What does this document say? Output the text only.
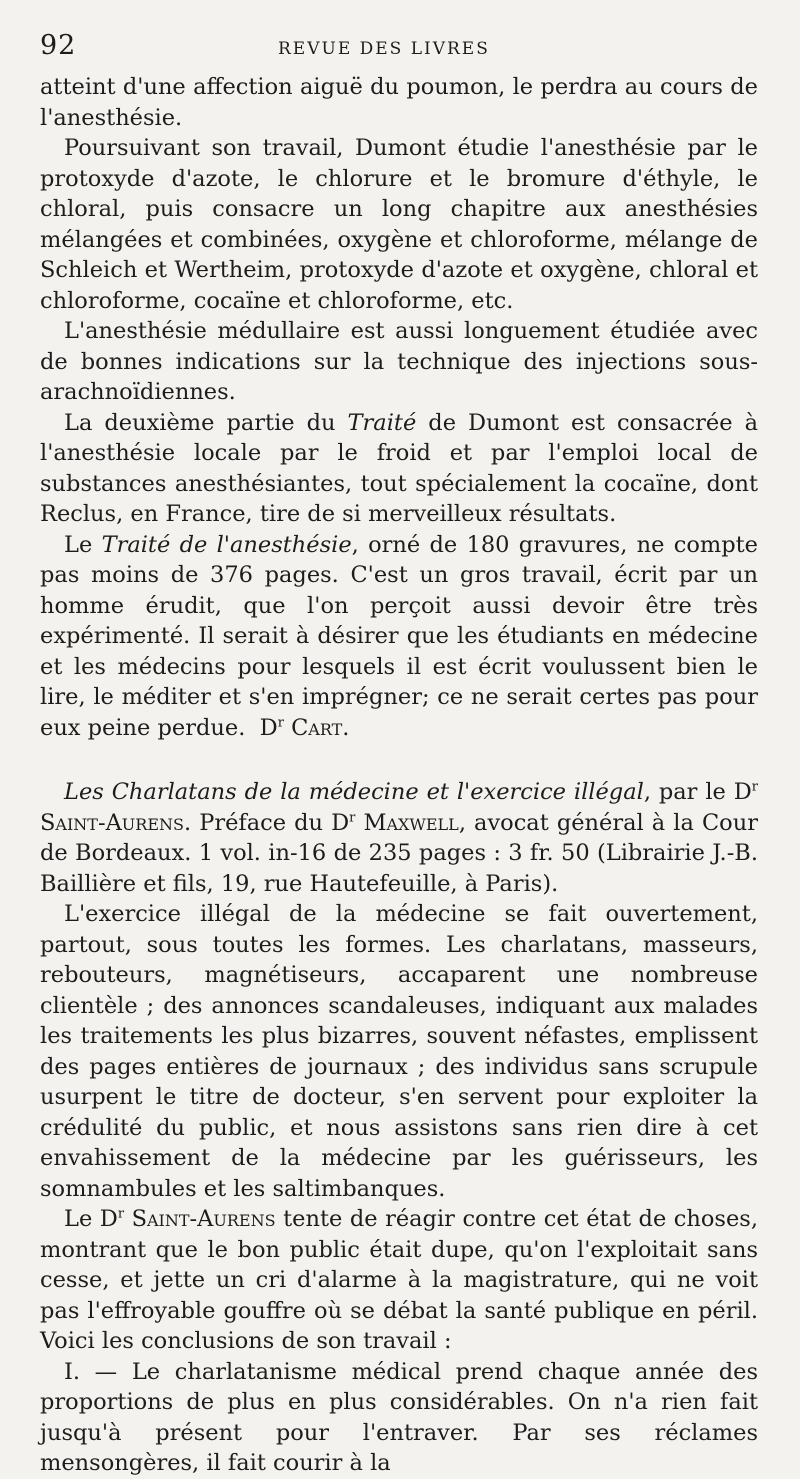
92	REVUE DES LIVRES

atteint d'une affection aiguë du poumon, le perdra au cours de l'anesthésie.

Poursuivant son travail, Dumont étudie l'anesthésie par le protoxyde d'azote, le chlorure et le bromure d'éthyle, le chloral, puis consacre un long chapitre aux anesthésies mélangées et combinées, oxygène et chloroforme, mélange de Schleich et Wertheim, protoxyde d'azote et oxygène, chloral et chloroforme, cocaïne et chloroforme, etc.

L'anesthésie médullaire est aussi longuement étudiée avec de bonnes indications sur la technique des injections sous-arachnoïdiennes.

La deuxième partie du Traité de Dumont est consacrée à l'anesthésie locale par le froid et par l'emploi local de substances anesthésiantes, tout spécialement la cocaïne, dont Reclus, en France, tire de si merveilleux résultats.

Le Traité de l'anesthésie, orné de 180 gravures, ne compte pas moins de 376 pages. C'est un gros travail, écrit par un homme érudit, que l'on perçoit aussi devoir être très expérimenté. Il serait à désirer que les étudiants en médecine et les médecins pour lesquels il est écrit voulussent bien le lire, le méditer et s'en imprégner; ce ne serait certes pas pour eux peine perdue. $D^r$ Cart.

Les Charlatans de la médecine et l'exercice illégal, par le $D^r$ Saint-Aurens. Préface du $D^r$ Maxwell, avocat général à la Cour de Bordeaux. 1 vol. in-16 de 235 pages : 3 fr. 50 (Librairie J.-B. Baillière et fils, 19, rue Hautefeuille, à Paris).

L'exercice illégal de la médecine se fait ouvertement, partout, sous toutes les formes. Les charlatans, masseurs, rebouteurs, magnétiseurs, accaparent une nombreuse clientèle ; des annonces scandaleuses, indiquant aux malades les traitements les plus bizarres, souvent néfastes, emplissent des pages entières de journaux ; des individus sans scrupule usurpent le titre de docteur, s'en servent pour exploiter la crédulité du public, et nous assistons sans rien dire à cet envahissement de la médecine par les guérisseurs, les somnambules et les saltimbanques.

Le $D^r$ Saint-Aurens tente de réagir contre cet état de choses, montrant que le bon public était dupe, qu'on l'exploitait sans cesse, et jette un cri d'alarme à la magistrature, qui ne voit pas l'effroyable gouffre où se débat la santé publique en péril. Voici les conclusions de son travail :

I. — Le charlatanisme médical prend chaque année des proportions de plus en plus considérables. On n'a rien fait jusqu'à présent pour l'entraver. Par ses réclames mensongères, il fait courir à la
